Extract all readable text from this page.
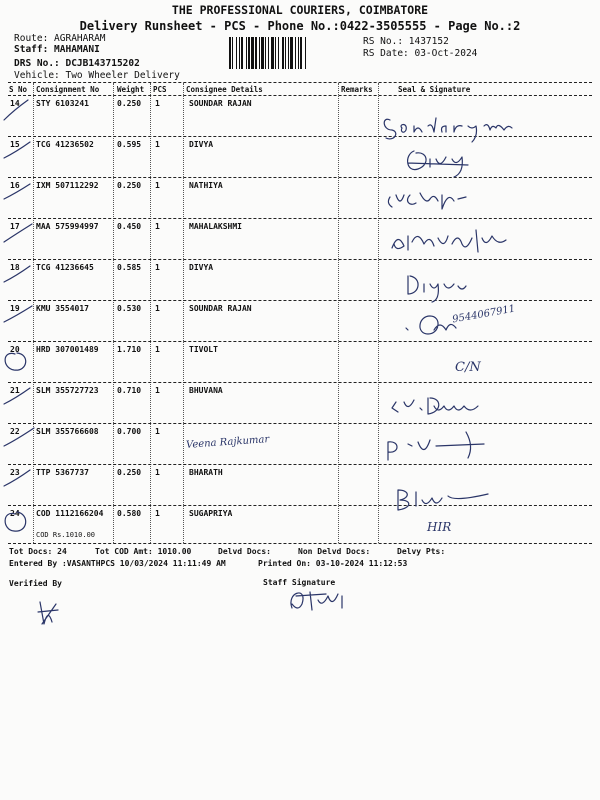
THE PROFESSIONAL COURIERS, COIMBATORE
Delivery Runsheet - PCS - Phone No.:0422-3505555 - Page No.:2
Route: AGRAHARAM
Staff: MAHAMANI
DRS No.: DCJB143715202
Vehicle: Two Wheeler Delivery
RS No.: 1437152
RS Date: 03-Oct-2024
S No Consignment No Weight PCS	Consignee Details	Remarks	Seal & Signature
14 STY 6103241	0.250 1	SOUNDAR RAJAN
15 TCG 41236502	0.595 1	DIVYA
16 IXM 507112292 0.250 1	NATHIYA
17 MAA 575994997 0.450 1	MAHALAKSHMI
18 TCG 41236645	0.585 1	DIVYA
19 KMU 3554017	0.530 1	SOUNDAR RAJAN
20 HRD 307001489 1.710 1	TIVOLT
21 SLM 355727723 0.710 1	BHUVANA
22 SLM 355766608 0.700 1
23 TTP 5367737	0.250 1	BHARATH
24 COD 1112166204 0.580 1	SUGAPRIYA
COD Rs.1010.00
9544067911
C/N
Veena Rajkumar
HIR
Tot Docs: 24	Tot COD Amt: 1010.00	Delvd Docs:	Non Delvd Docs:	Delvy Pts:
Entered By :VASANTHPCS 10/03/2024 11:11:49 AM	Printed On: 03-10-2024 11:12:53
Verified By	Staff Signature
